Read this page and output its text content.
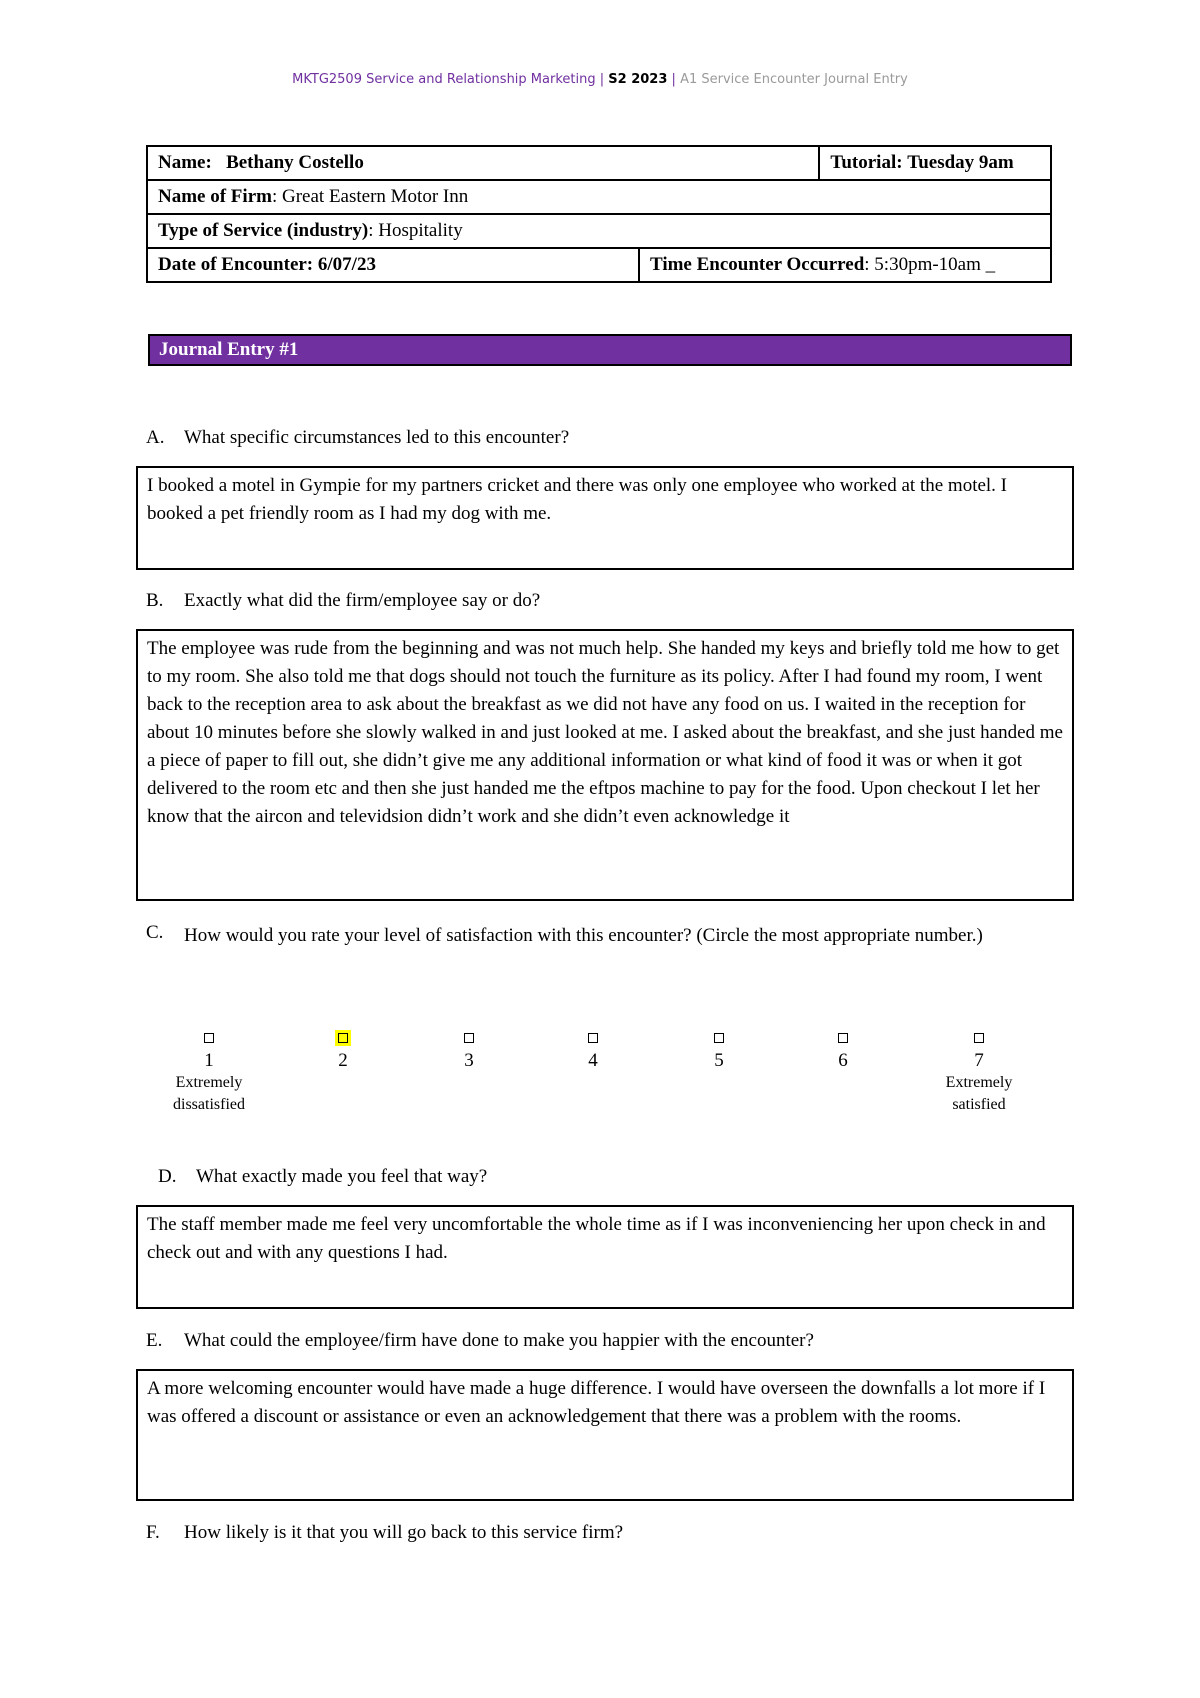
MKTG2509 Service and Relationship Marketing | S2 2023 | A1 Service Encounter Journal Entry
Name: Bethany Costello		Tutorial: Tuesday 9am
Name of Firm: Great Eastern Motor Inn		
Type of Service (industry): Hospitality		
Date of Encounter: 6/07/23	Time Encounter Occurred: 5:30pm-10am _	
Journal Entry #1
A. What specific circumstances led to this encounter?
I booked a motel in Gympie for my partners cricket and there was only one employee who worked at the motel. I booked a pet friendly room as I had my dog with me.
B. Exactly what did the firm/employee say or do?
The employee was rude from the beginning and was not much help. She handed my keys and briefly told me how to get to my room. She also told me that dogs should not touch the furniture as its policy. After I had found my room, I went back to the reception area to ask about the breakfast as we did not have any food on us. I waited in the reception for about 10 minutes before she slowly walked in and just looked at me. I asked about the breakfast, and she just handed me a piece of paper to fill out, she didn’t give me any additional information or what kind of food it was or when it got delivered to the room etc and then she just handed me the eftpos machine to pay for the food. Upon checkout I let her know that the aircon and televidsion didn’t work and she didn’t even acknowledge it
C. How would you rate your level of satisfaction with this encounter? (Circle the most appropriate number.)
1
Extremely
dissatisfied
2	3	4	5	6	7
Extremely
satisfied
D. What exactly made you feel that way?
The staff member made me feel very uncomfortable the whole time as if I was inconveniencing her upon check in and check out and with any questions I had.
E. What could the employee/firm have done to make you happier with the encounter?
A more welcoming encounter would have made a huge difference. I would have overseen the downfalls a lot more if I was offered a discount or assistance or even an acknowledgement that there was a problem with the rooms.
F. How likely is it that you will go back to this service firm?
